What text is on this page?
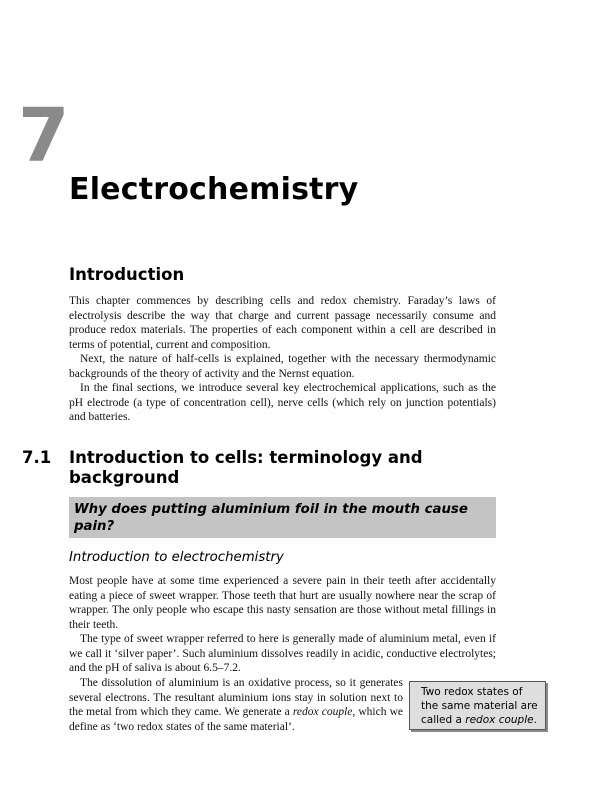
7
Electrochemistry
Introduction

This chapter commences by describing cells and redox chemistry. Faraday’s laws of electrolysis describe the way that charge and current passage necessarily consume and produce redox materials. The properties of each component within a cell are described in terms of potential, current and composition.

Next, the nature of half-cells is explained, together with the necessary thermodynamic backgrounds of the theory of activity and the Nernst equation.

In the final sections, we introduce several key electrochemical applications, such as the pH electrode (a type of concentration cell), nerve cells (which rely on junction potentials) and batteries.

7.1 Introduction to cells: terminology and background
Why does putting aluminium foil in the mouth cause pain?
Introduction to electrochemistry

Most people have at some time experienced a severe pain in their teeth after accidentally eating a piece of sweet wrapper. Those teeth that hurt are usually nowhere near the scrap of wrapper. The only people who escape this nasty sensation are those without metal fillings in their teeth.

The type of sweet wrapper referred to here is generally made of aluminium metal, even if we call it ‘silver paper’. Such aluminium dissolves readily in acidic, conductive electrolytes; and the pH of saliva is about 6.5–7.2.

The dissolution of aluminium is an oxidative process, so it generates several electrons. The resultant aluminium ions stay in solution next to the metal from which they came. We generate a redox couple, which we define as ‘two redox states of the same material’.

Two redox states of the same material are called a redox couple.
